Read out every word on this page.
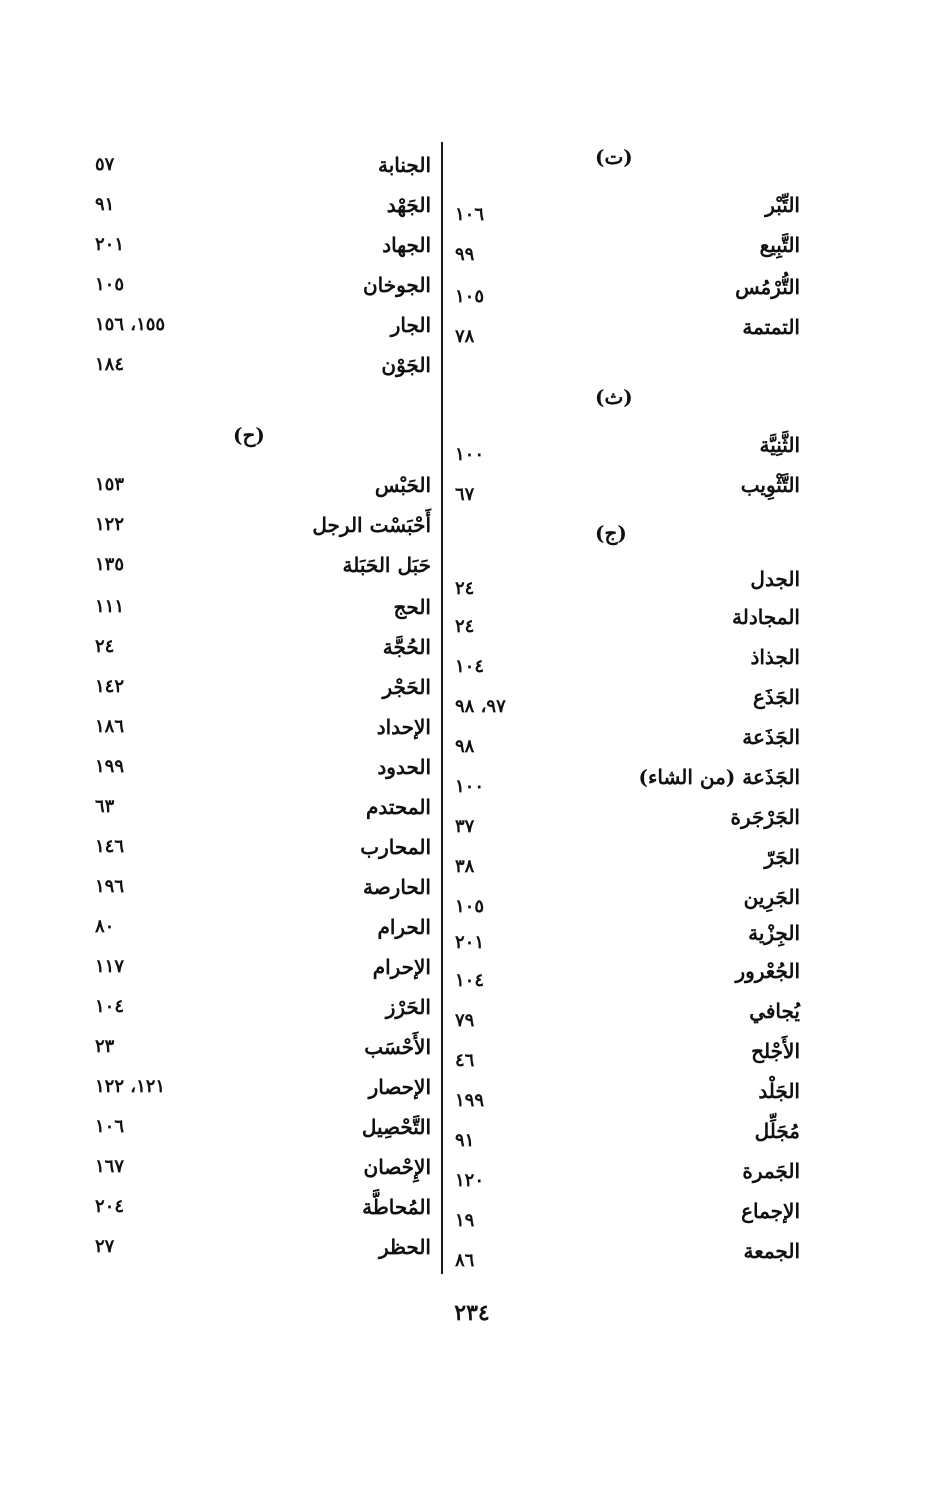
(ت)
التِّبْر
١٠٦
التَّبِيع
٩٩
التُّرْمُس
١٠٥
التمتمة
٧٨
(ث)
الثَّنِيَّة
١٠٠
التَّثْوِيب
٦٧
(ج)
الجدل
٢٤
المجادلة
٢٤
الجذاذ
١٠٤
الجَذَع
٩٧، ٩٨
الجَذَعة
٩٨
الجَذَعة (من الشاء)
١٠٠
الجَرْجَرة
٣٧
الجَرّ
٣٨
الجَرِين
١٠٥
الجِزْية
٢٠١
الجُعْرور
١٠٤
يُجافي
٧٩
الأَجْلح
٤٦
الجَلْد
١٩٩
مُجَلِّل
٩١
الجَمرة
١٢٠
الإجماع
١٩
الجمعة
٨٦
الجنابة
٥٧
الجَهْد
٩١
الجهاد
٢٠١
الجوخان
١٠٥
الجار
١٥٥، ١٥٦
الجَوْن
١٨٤
(ح)
الحَبْس
١٥٣
أَحْبَسْت الرجل
١٢٢
حَبَل الحَبَلة
١٣٥
الحج
١١١
الحُجَّة
٢٤
الحَجْر
١٤٢
الإحداد
١٨٦
الحدود
١٩٩
المحتدم
٦٣
المحارب
١٤٦
الحارصة
١٩٦
الحرام
٨٠
الإحرام
١١٧
الحَرْز
١٠٤
الأَحْسَب
٢٣
الإحصار
١٢١، ١٢٢
التَّحْصِيل
١٠٦
الإِحْصان
١٦٧
المُحاطَّة
٢٠٤
الحظر
٢٧
٢٣٤
